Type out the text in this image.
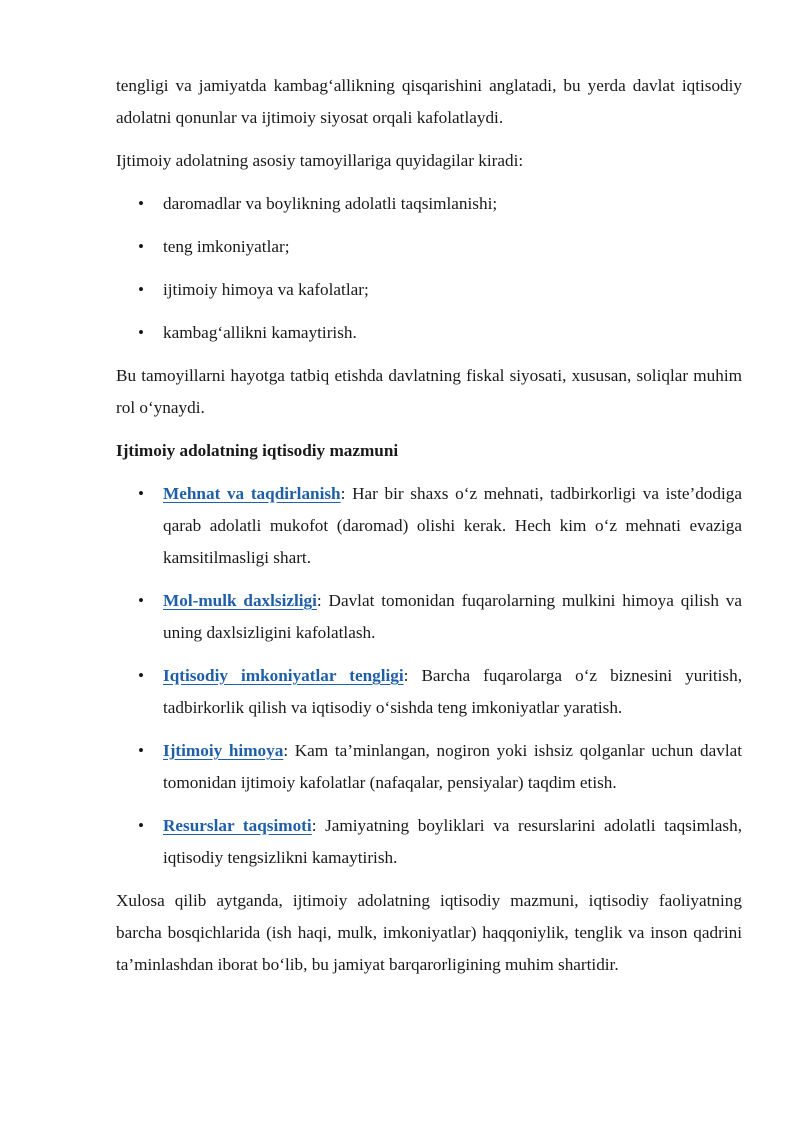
tengligi va jamiyatda kambag‘allikning qisqarishini anglatadi, bu yerda davlat iqtisodiy adolatni qonunlar va ijtimoiy siyosat orqali kafolatlaydi.

Ijtimoiy adolatning asosiy tamoyillariga quyidagilar kiradi:

• daromadlar va boylikning adolatli taqsimlanishi;
• teng imkoniyatlar;
• ijtimoiy himoya va kafolatlar;
• kambag‘allikni kamaytirish.

Bu tamoyillarni hayotga tatbiq etishda davlatning fiskal siyosati, xususan, soliqlar muhim rol o‘ynaydi.

Ijtimoiy adolatning iqtisodiy mazmuni
• Mehnat va taqdirlanish: Har bir shaxs o‘z mehnati, tadbirkorligi va iste’dodiga qarab adolatli mukofot (daromad) olishi kerak. Hech kim o‘z mehnati evaziga kamsitilmasligi shart.
• Mol-mulk daxlsizligi: Davlat tomonidan fuqarolarning mulkini himoya qilish va uning daxlsizligini kafolatlash.
• Iqtisodiy imkoniyatlar tengligi: Barcha fuqarolarga o‘z biznesini yuritish, tadbirkorlik qilish va iqtisodiy o‘sishda teng imkoniyatlar yaratish.
• Ijtimoiy himoya: Kam ta’minlangan, nogiron yoki ishsiz qolganlar uchun davlat tomonidan ijtimoiy kafolatlar (nafaqalar, pensiyalar) taqdim etish.
• Resurslar taqsimoti: Jamiyatning boyliklari va resurslarini adolatli taqsimlash, iqtisodiy tengsizlikni kamaytirish.

Xulosa qilib aytganda, ijtimoiy adolatning iqtisodiy mazmuni, iqtisodiy faoliyatning barcha bosqichlarida (ish haqi, mulk, imkoniyatlar) haqqoniylik, tenglik va inson qadrini ta’minlashdan iborat bo‘lib, bu jamiyat barqarorligining muhim shartidir.
